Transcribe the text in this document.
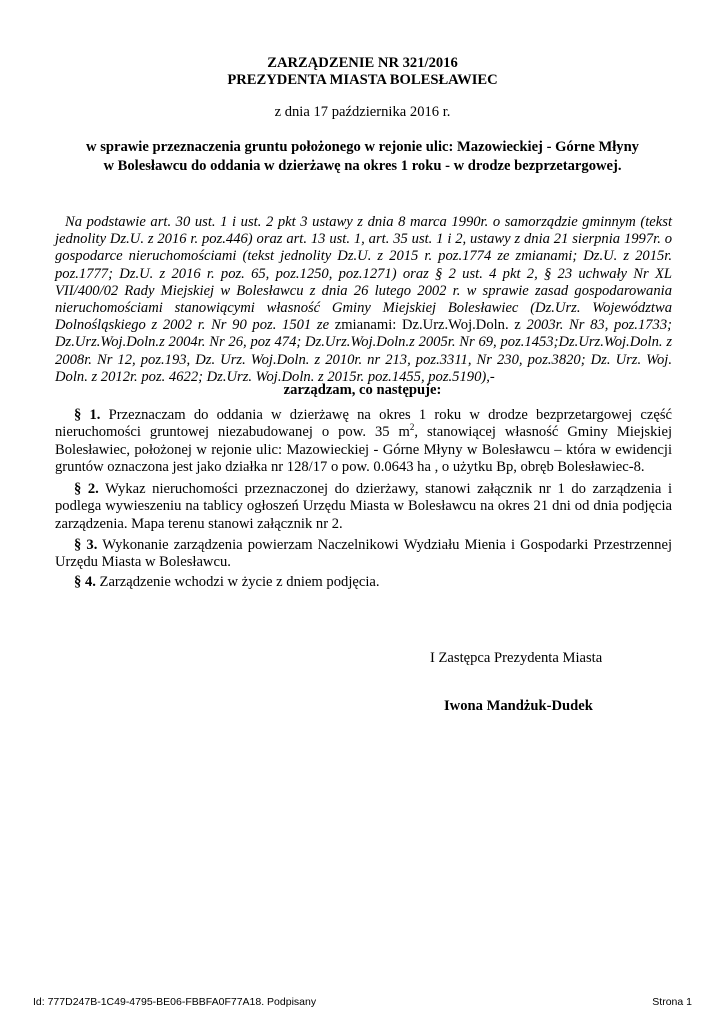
ZARZĄDZENIE NR 321/2016
PREZYDENTA MIASTA BOLESŁAWIEC
z dnia 17 października 2016 r.
w sprawie przeznaczenia gruntu położonego w rejonie ulic: Mazowieckiej - Górne Młyny
w Bolesławcu do oddania w dzierżawę na okres 1 roku - w drodze bezprzetargowej.
Na podstawie art. 30 ust. 1 i ust. 2 pkt 3 ustawy z dnia 8 marca 1990r. o samorządzie gminnym (tekst jednolity Dz.U. z 2016 r. poz.446) oraz art. 13 ust. 1, art. 35 ust. 1 i 2, ustawy z dnia 21 sierpnia 1997r. o gospodarce nieruchomościami (tekst jednolity Dz.U. z 2015 r. poz.1774 ze zmianami; Dz.U. z 2015r. poz.1777; Dz.U. z 2016 r. poz. 65, poz.1250, poz.1271) oraz § 2 ust. 4 pkt 2, § 23 uchwały Nr XL VII/400/02 Rady Miejskiej w Bolesławcu z dnia 26 lutego 2002 r. w sprawie zasad gospodarowania nieruchomościami stanowiącymi własność Gminy Miejskiej Bolesławiec (Dz.Urz. Województwa Dolnośląskiego z 2002 r. Nr 90 poz. 1501 ze zmianami: Dz.Urz.Woj.Doln. z 2003r. Nr 83, poz.1733; Dz.Urz.Woj.Doln.z 2004r. Nr 26, poz 474; Dz.Urz.Woj.Doln.z 2005r. Nr 69, poz.1453;Dz.Urz.Woj.Doln. z 2008r. Nr 12, poz.193, Dz. Urz. Woj.Doln. z 2010r. nr 213, poz.3311, Nr 230, poz.3820; Dz. Urz. Woj. Doln. z 2012r. poz. 4622; Dz.Urz. Woj.Doln. z 2015r. poz.1455, poz.5190),-
zarządzam, co następuje:

§ 1. Przeznaczam do oddania w dzierżawę na okres 1 roku w drodze bezprzetargowej część nieruchomości gruntowej niezabudowanej o pow. 35 $m^2$, stanowiącej własność Gminy Miejskiej Bolesławiec, położonej w rejonie ulic: Mazowieckiej - Górne Młyny w Bolesławcu – która w ewidencji gruntów oznaczona jest jako działka nr 128/17 o pow. 0.0643 ha , o użytku Bp, obręb Bolesławiec-8.

§ 2. Wykaz nieruchomości przeznaczonej do dzierżawy, stanowi załącznik nr 1 do zarządzenia i podlega wywieszeniu na tablicy ogłoszeń Urzędu Miasta w Bolesławcu na okres 21 dni od dnia podjęcia zarządzenia. Mapa terenu stanowi załącznik nr 2.

§ 3. Wykonanie zarządzenia powierzam Naczelnikowi Wydziału Mienia i Gospodarki Przestrzennej Urzędu Miasta w Bolesławcu.

§ 4. Zarządzenie wchodzi w życie z dniem podjęcia.

I Zastępca Prezydenta Miasta
Iwona Mandżuk-Dudek
Id: 777D247B-1C49-4795-BE06-FBBFA0F77A18. Podpisany	Strona 1
